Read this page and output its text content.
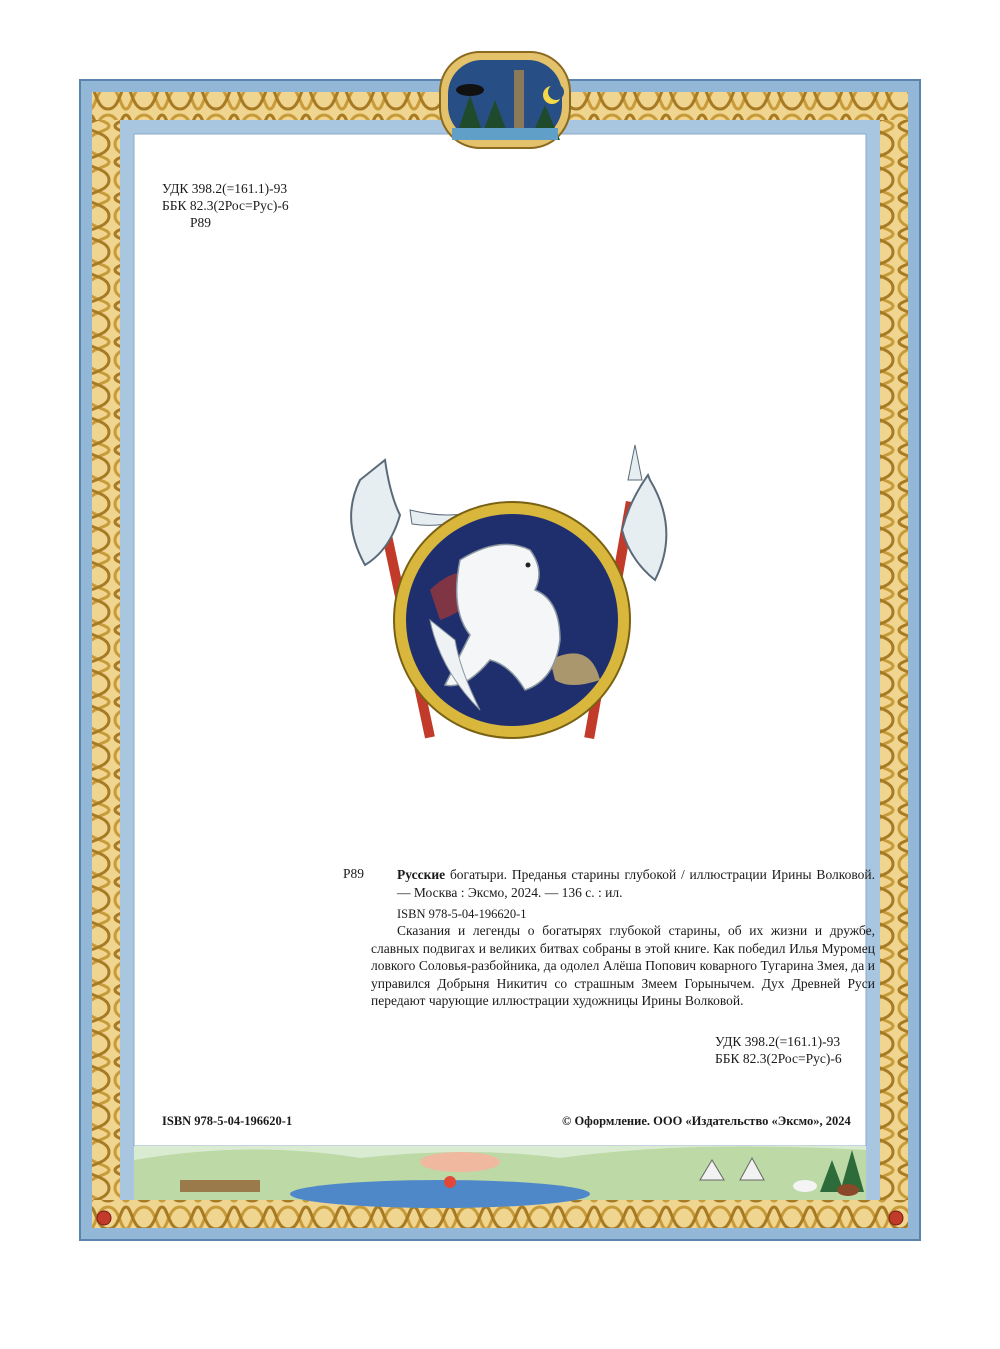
УДК 398.2(=161.1)-93
ББК 82.3(2Рос=Рус)-6
Р89
Р89 Русские богатыри. Преданья старины глубокой / иллюстрации Ирины Волковой. — Москва : Эксмо, 2024. — 136 с. : ил.
ISBN 978-5-04-196620-1
Сказания и легенды о богатырях глубокой старины, об их жизни и дружбе, славных подвигах и великих битвах собраны в этой книге. Как победил Илья Муромец ловкого Соловья-разбойника, да одолел Алёша Попович коварного Тугарина Змея, да и управился Добрыня Никитич со страшным Змеем Горынычем. Дух Древней Руси передают чарующие иллюстрации художницы Ирины Волковой.
УДК 398.2(=161.1)-93
ББК 82.3(2Рос=Рус)-6
ISBN 978-5-04-196620-1	© Оформление. ООО «Издательство «Эксмо», 2024
